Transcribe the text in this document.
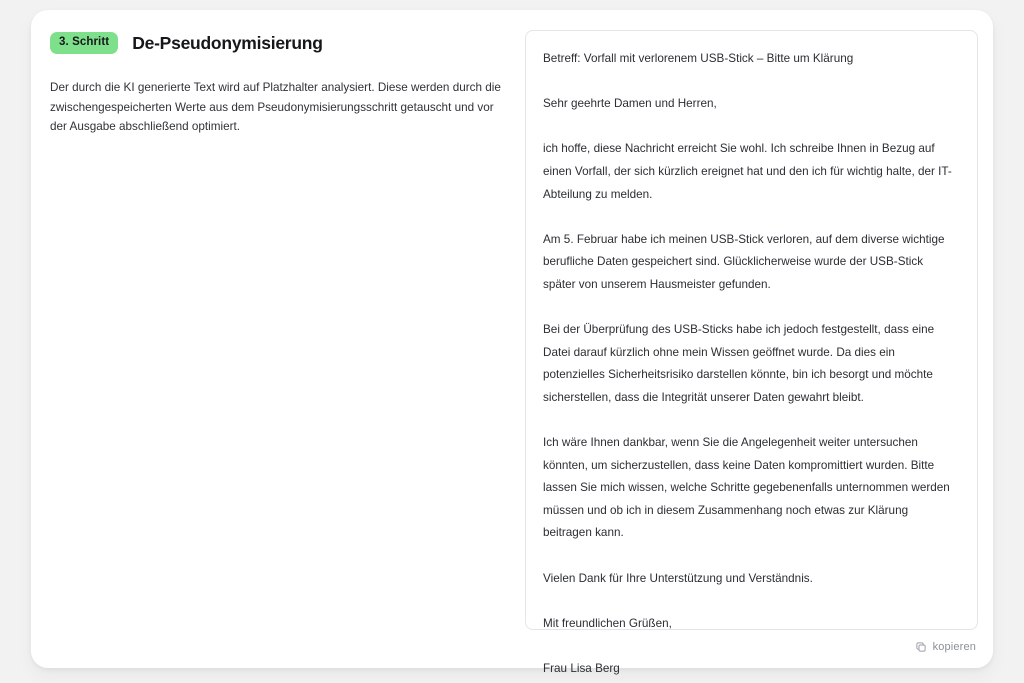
3. Schritt	De-Pseudonymisierung

Der durch die KI generierte Text wird auf Platzhalter analysiert. Diese werden durch die zwischengespeicherten Werte aus dem Pseudonymisierungsschritt getauscht und vor der Ausgabe abschließend optimiert.

Betreff: Vorfall mit verlorenem USB-Stick – Bitte um Klärung

Sehr geehrte Damen und Herren,

ich hoffe, diese Nachricht erreicht Sie wohl. Ich schreibe Ihnen in Bezug auf einen Vorfall, der sich kürzlich ereignet hat und den ich für wichtig halte, der IT-Abteilung zu melden.

Am 5. Februar habe ich meinen USB-Stick verloren, auf dem diverse wichtige berufliche Daten gespeichert sind. Glücklicherweise wurde der USB-Stick später von unserem Hausmeister gefunden.

Bei der Überprüfung des USB-Sticks habe ich jedoch festgestellt, dass eine Datei darauf kürzlich ohne mein Wissen geöffnet wurde. Da dies ein potenzielles Sicherheitsrisiko darstellen könnte, bin ich besorgt und möchte sicherstellen, dass die Integrität unserer Daten gewahrt bleibt.

Ich wäre Ihnen dankbar, wenn Sie die Angelegenheit weiter untersuchen könnten, um sicherzustellen, dass keine Daten kompromittiert wurden. Bitte lassen Sie mich wissen, welche Schritte gegebenenfalls unternommen werden müssen und ob ich in diesem Zusammenhang noch etwas zur Klärung beitragen kann.

Vielen Dank für Ihre Unterstützung und Verständnis.

Mit freundlichen Grüßen,

Frau Lisa Berg

kopieren
